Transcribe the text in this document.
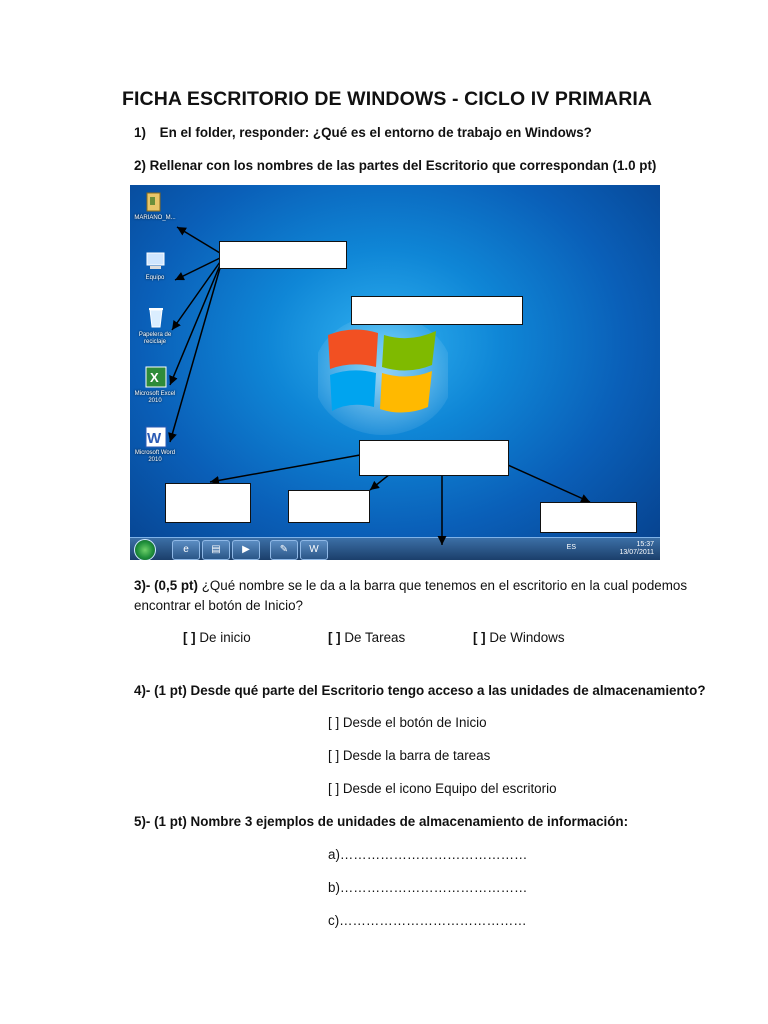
FICHA ESCRITORIO DE WINDOWS - CICLO IV PRIMARIA
1) En el folder, responder: ¿Qué es el entorno de trabajo en Windows?
2) Rellenar con los nombres de las partes del Escritorio que correspondan (1.0 pt)
MARIANO_M...
Equipo
Papelera de reciclaje
X
Microsoft Excel 2010
W
Microsoft Word 2010
e	▤	▶	✎	W	ES	15:37
13/07/2011
3)- (0,5 pt) ¿Qué nombre se le da a la barra que tenemos en el escritorio en la cual podemos
encontrar el botón de Inicio?
[ ] De inicio	[ ] De Tareas	[ ] De Windows
4)- (1 pt) Desde qué parte del Escritorio tengo acceso a las unidades de almacenamiento?
[ ] Desde el botón de Inicio
[ ] Desde la barra de tareas
[ ] Desde el icono Equipo del escritorio
5)- (1 pt) Nombre 3 ejemplos de unidades de almacenamiento de información:
a)……………………………………
b)……………………………………
c)……………………………………
